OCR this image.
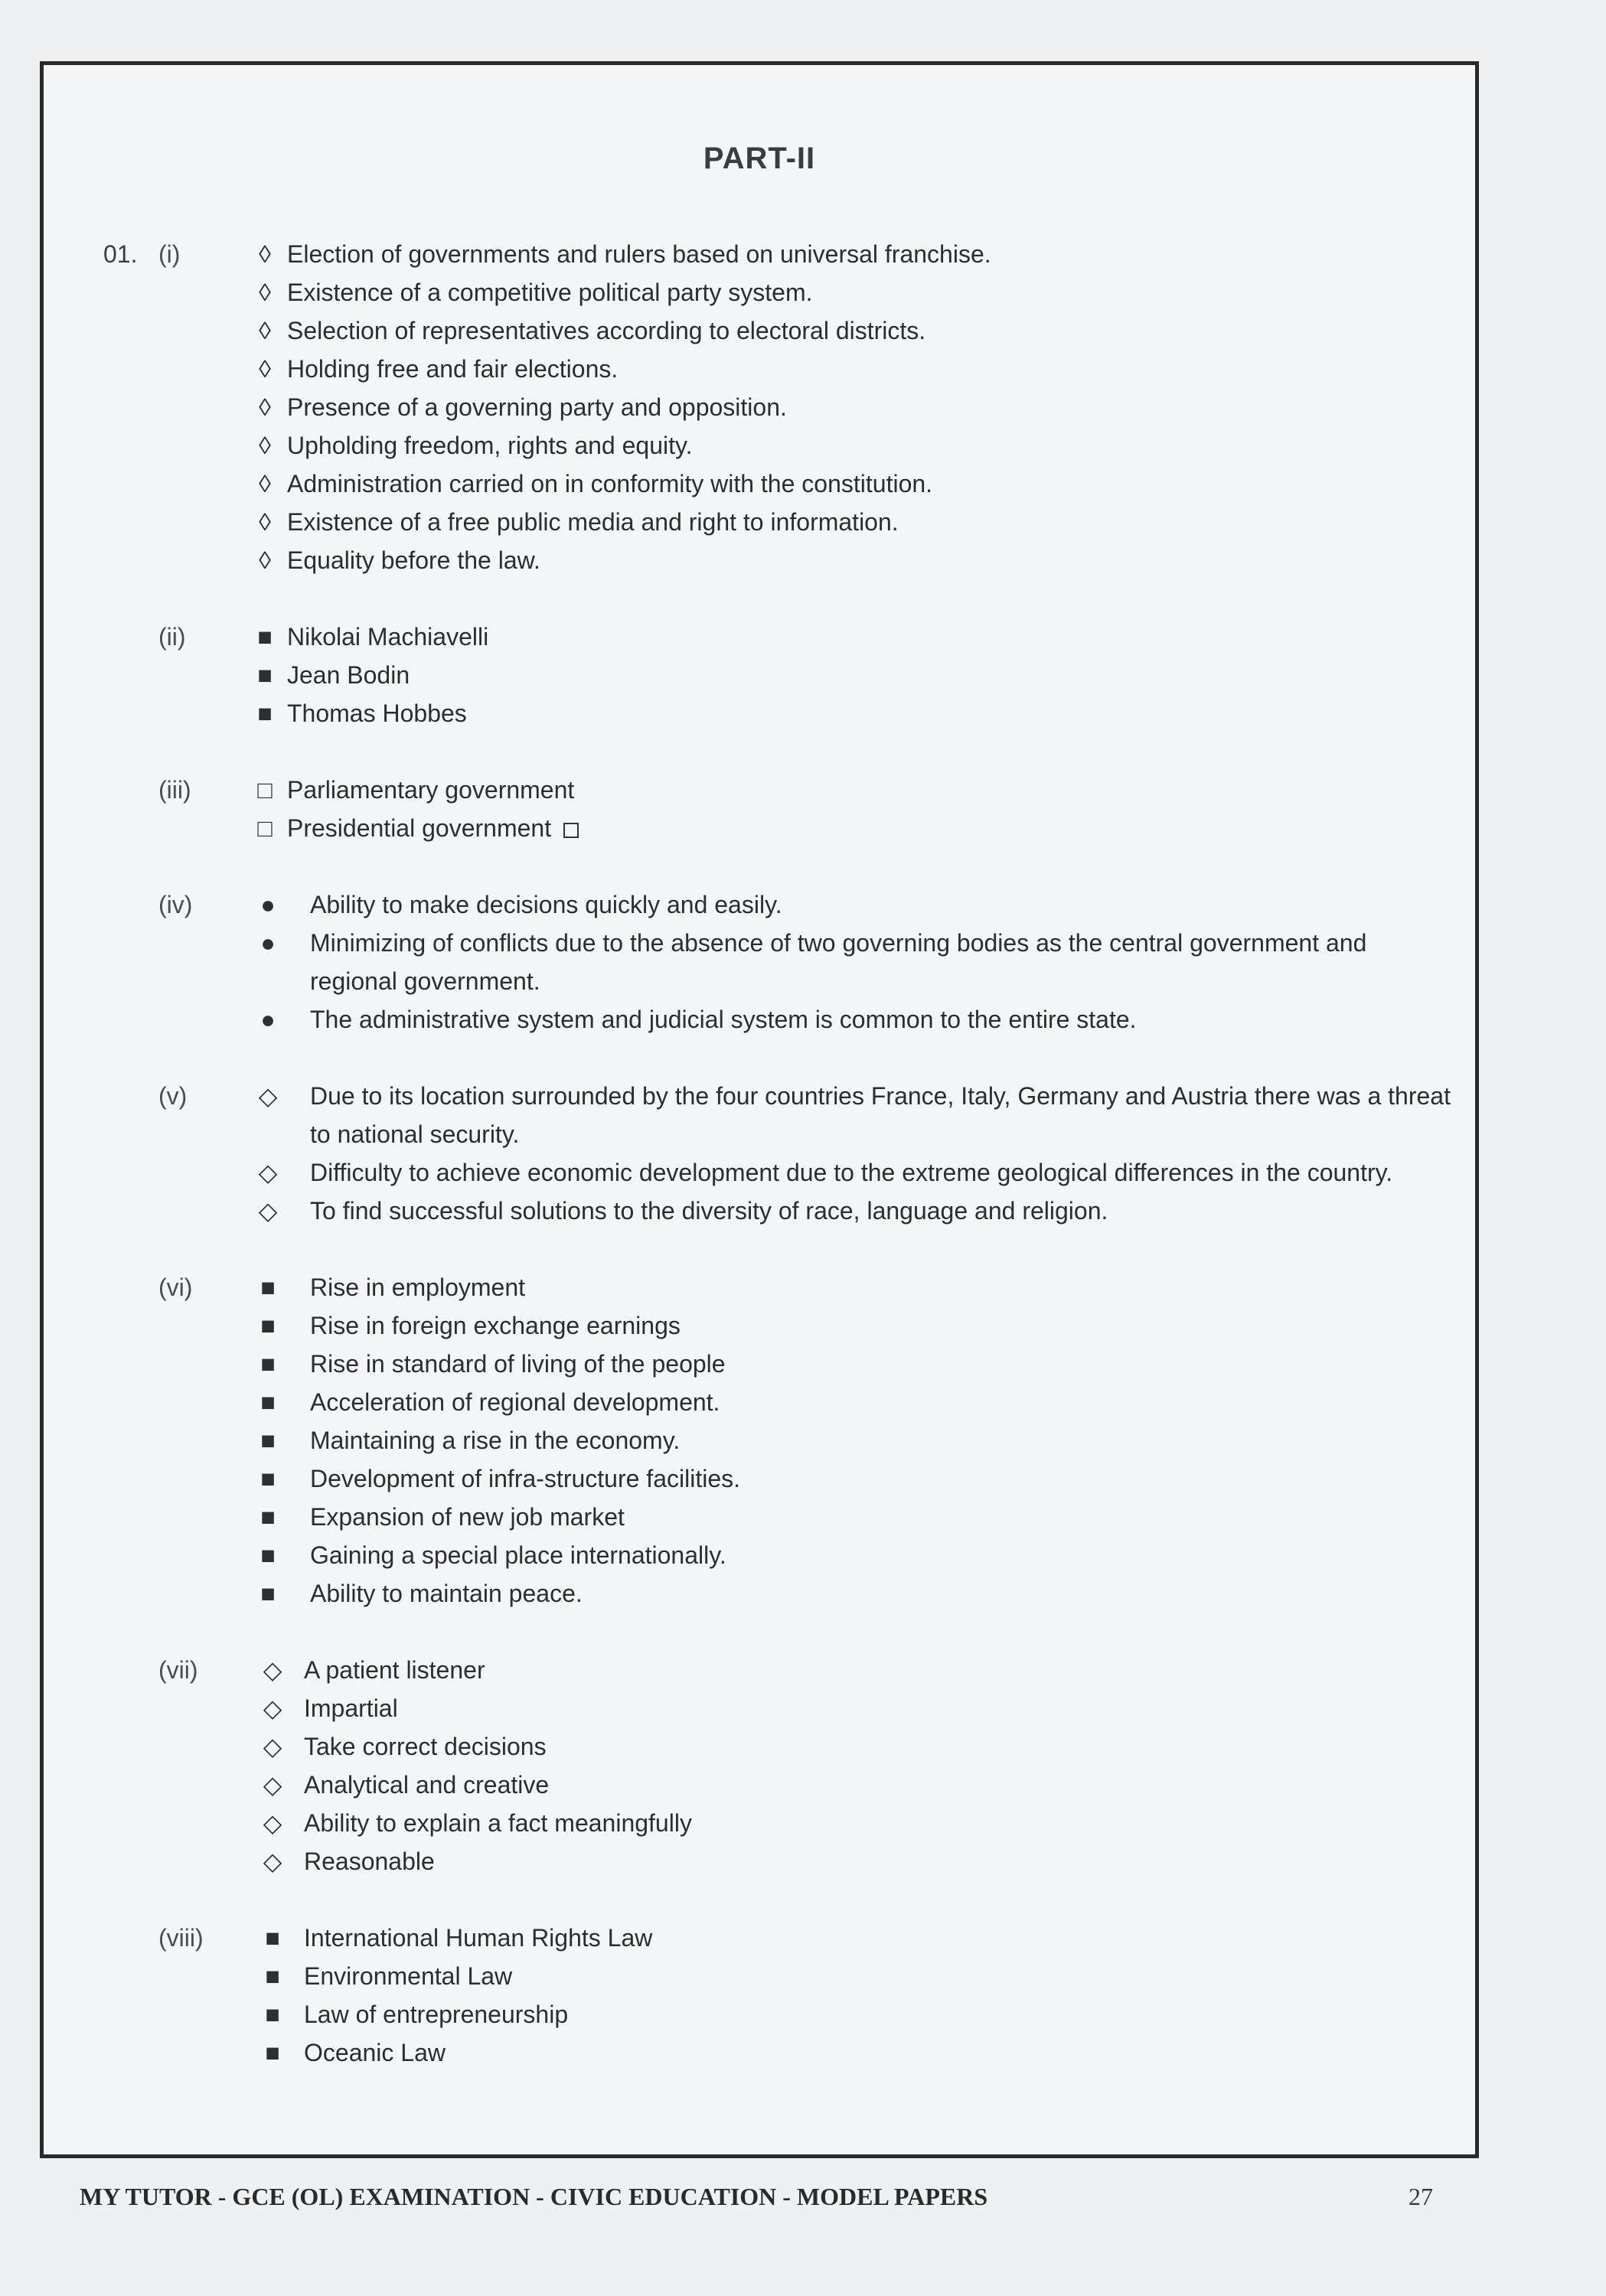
PART-II
01. (i)	◊ Election of governments and rulers based on universal franchise.
◊ Existence of a competitive political party system.
◊ Selection of representatives according to electoral districts.
◊ Holding free and fair elections.
◊ Presence of a governing party and opposition.
◊ Upholding freedom, rights and equity.
◊ Administration carried on in conformity with the constitution.
◊ Existence of a free public media and right to information.
◊ Equality before the law.
(ii)	■ Nikolai Machiavelli
■ Jean Bodin
■ Thomas Hobbes
(iii)	□ Parliamentary government
□ Presidential government
(iv)	● Ability to make decisions quickly and easily.
● Minimizing of conflicts due to the absence of two governing bodies as the central government and regional government.
● The administrative system and judicial system is common to the entire state.
(v)	◇ Due to its location surrounded by the four countries France, Italy, Germany and Austria there was a threat to national security.
◇ Difficulty to achieve economic development due to the extreme geological differences in the country.
◇ To find successful solutions to the diversity of race, language and religion.
(vi)	■ Rise in employment
■ Rise in foreign exchange earnings
■ Rise in standard of living of the people
■ Acceleration of regional development.
■ Maintaining a rise in the economy.
■ Development of infra-structure facilities.
■ Expansion of new job market
■ Gaining a special place internationally.
■ Ability to maintain peace.
(vii)	◇ A patient listener
◇ Impartial
◇ Take correct decisions
◇ Analytical and creative
◇ Ability to explain a fact meaningfully
◇ Reasonable
(viii)	■ International Human Rights Law
■ Environmental Law
■ Law of entrepreneurship
■ Oceanic Law
MY TUTOR - GCE (OL) EXAMINATION - CIVIC EDUCATION - MODEL PAPERS	27
